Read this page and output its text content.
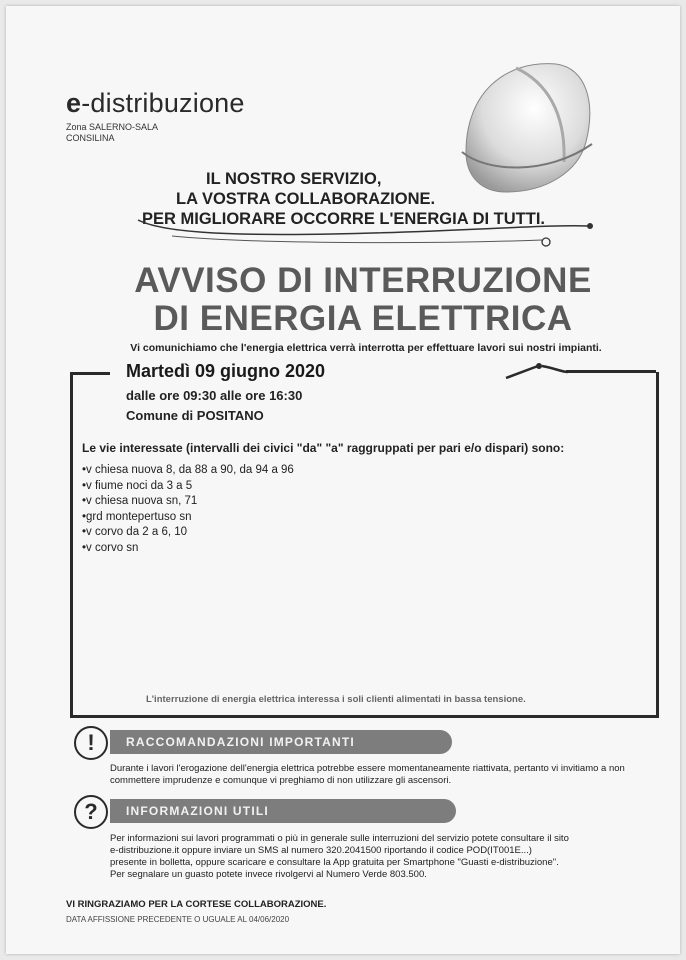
e-distribuzione
Zona SALERNO-SALA
CONSILINA
IL NOSTRO SERVIZIO,
LA VOSTRA COLLABORAZIONE.
PER MIGLIORARE OCCORRE L'ENERGIA DI TUTTI.
AVVISO DI INTERRUZIONE
DI ENERGIA ELETTRICA
Vi comunichiamo che l'energia elettrica verrà interrotta per effettuare lavori sui nostri impianti.
Martedì 09 giugno 2020
dalle ore 09:30 alle ore 16:30
Comune di POSITANO
Le vie interessate (intervalli dei civici "da" "a" raggruppati per pari e/o dispari) sono:
• v chiesa nuova 8, da 88 a 90, da 94 a 96
• v fiume noci da 3 a 5
• v chiesa nuova sn, 71
• grd montepertuso sn
• v corvo da 2 a 6, 10
• v corvo sn
L'interruzione di energia elettrica interessa i soli clienti alimentati in bassa tensione.
RACCOMANDAZIONI IMPORTANTI
!
Durante i lavori l'erogazione dell'energia elettrica potrebbe essere momentaneamente riattivata, pertanto vi invitiamo a non commettere imprudenze e comunque vi preghiamo di non utilizzare gli ascensori.
INFORMAZIONI UTILI
?
Per informazioni sui lavori programmati o più in generale sulle interruzioni del servizio potete consultare il sito
e-distribuzione.it oppure inviare un SMS al numero 320.2041500 riportando il codice POD(IT001E...)
presente in bolletta, oppure scaricare e consultare la App gratuita per Smartphone "Guasti e-distribuzione".
Per segnalare un guasto potete invece rivolgervi al Numero Verde 803.500.
VI RINGRAZIAMO PER LA CORTESE COLLABORAZIONE.
DATA AFFISSIONE PRECEDENTE O UGUALE AL 04/06/2020
